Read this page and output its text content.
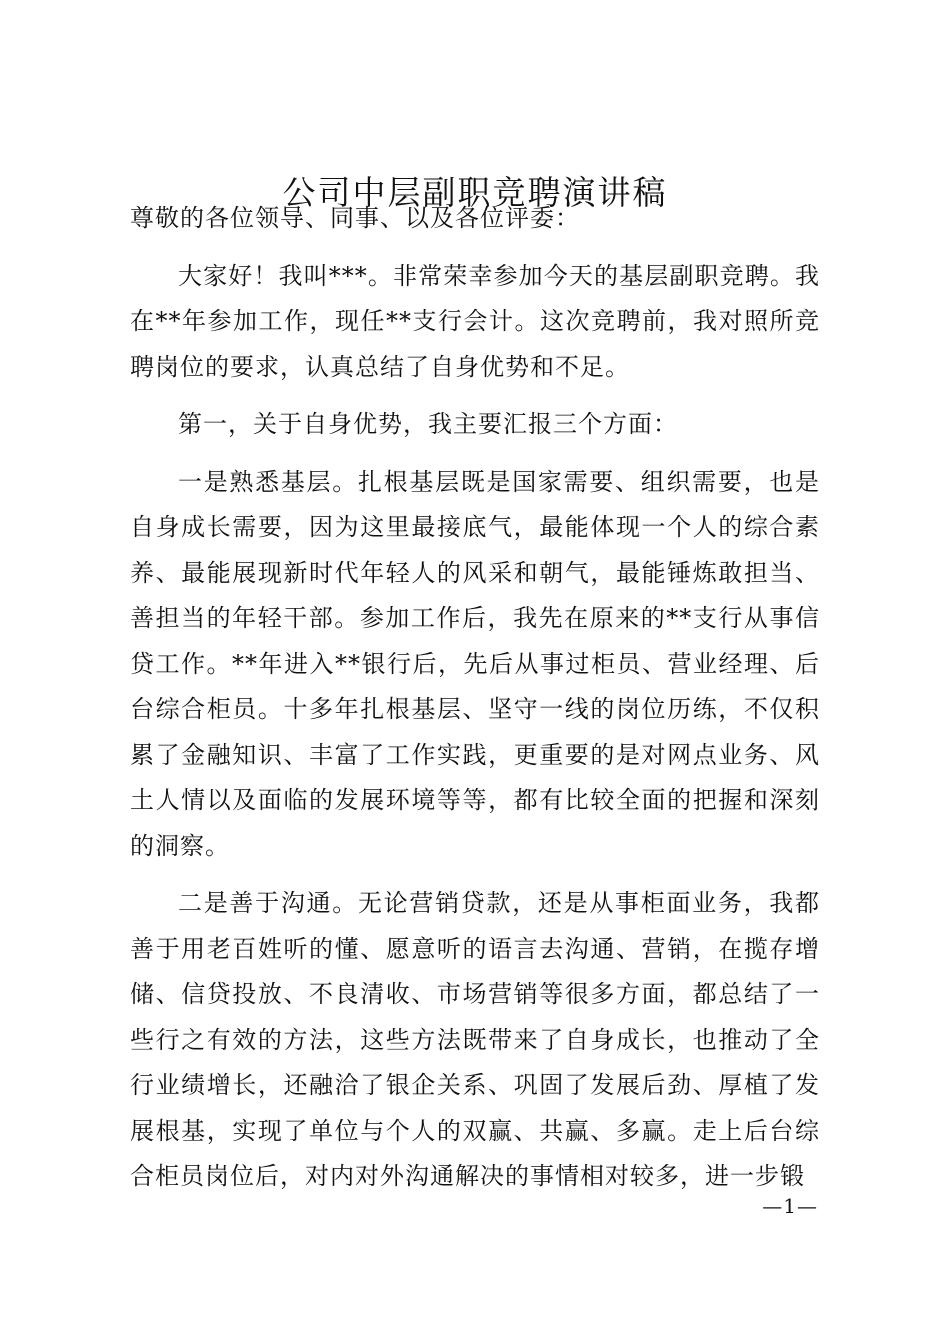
公司中层副职竞聘演讲稿

尊敬的各位领导、同事、以及各位评委：

大家好！我叫***。非常荣幸参加今天的基层副职竞聘。我在**年参加工作，现任**支行会计。这次竞聘前，我对照所竞聘岗位的要求，认真总结了自身优势和不足。

第一，关于自身优势，我主要汇报三个方面：

一是熟悉基层。扎根基层既是国家需要、组织需要，也是自身成长需要，因为这里最接底气，最能体现一个人的综合素养、最能展现新时代年轻人的风采和朝气，最能锤炼敢担当、善担当的年轻干部。参加工作后，我先在原来的**支行从事信贷工作。**年进入**银行后，先后从事过柜员、营业经理、后台综合柜员。十多年扎根基层、坚守一线的岗位历练，不仅积累了金融知识、丰富了工作实践，更重要的是对网点业务、风土人情以及面临的发展环境等等，都有比较全面的把握和深刻的洞察。

二是善于沟通。无论营销贷款，还是从事柜面业务，我都善于用老百姓听的懂、愿意听的语言去沟通、营销，在揽存增储、信贷投放、不良清收、市场营销等很多方面，都总结了一些行之有效的方法，这些方法既带来了自身成长，也推动了全行业绩增长，还融洽了银企关系、巩固了发展后劲、厚植了发展根基，实现了单位与个人的双赢、共赢、多赢。走上后台综合柜员岗位后，对内对外沟通解决的事情相对较多，进一步锻

—1—
